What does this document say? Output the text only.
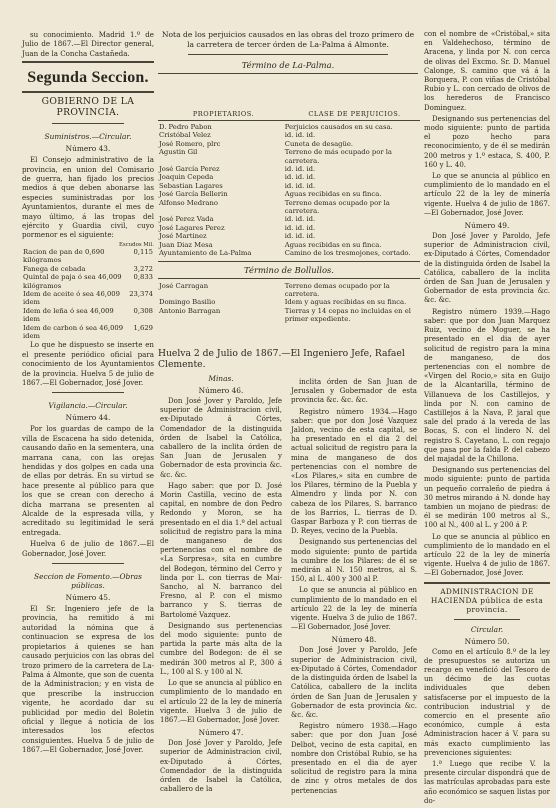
su conocimiento. Madrid 1.º de Julio de 1867.—El Director general, Juan de la Concha Castañeda.

Segunda Seccion.
GOBIERNO DE LA PROVINCIA.
Suministros.—Circular.
Número 43.

El Consejo administrativo de la provincia, en union del Comisario de guerra, han fijado los precios medios á que deben abonarse las especies suministradas por los Ayuntamientos, durante el mes de mayo último, á las tropas del ejército y Guardia civil, cuyo pormenor es el siguiente:

Escudos Mil.
Racion de pan de 0,690 kilógramos	0,115
Fanega de cebada	3,272
Quintal de paja ó sea 46,009 kilógramos	0,833
Idem de aceite ó sea 46,009 idem	23,374
Idem de leña ó sea 46,009 idem	0,308
Idem de carbon ó sea 46,009 idem	1,629

Lo que he dispuesto se inserte en el presente periódico oficial para conocimiento de los Ayuntamientos de la provincia. Huelva 5 de julio de 1867.—El Gobernador, José Jover.

Vigilancia.—Circular.
Número 44.

Por los guardas de campo de la villa de Escacena ha sido detenida, causando daño en la sementera, una marrana cana, con las orejas hendidas y dos golpes en cada una de ellas por detrás. En su virtud se hace presente al público para que los que se crean con derecho á dicha marrana se presenten al Alcalde de la espresada villa, y acreditado su legitimidad le será entregada.

Huelva 6 de julio de 1867.—El Gobernador, José Jover.

Seccion de Fomento.—Obras públicas.
Número 45.

El Sr. Ingeniero jefe de la provincia, ha remitido á mi autoridad la nómina que á continuacion se expresa de los propietarios á quienes se han causado perjuicios con las obras del trozo primero de la carretera de La-Palma á Almonte, que son de cuenta de la Administracion; y en vista de que prescribe la instruccion vigente, he acordado dar su publicidad por medio del Boletin oficial y llegue á noticia de los interesados los efectos consiguientes. Huelva 5 de julio de 1867.—El Gobernador, José Jover.

Nota de los perjuicios causados en las obras del trozo primero de la carretera de tercer órden de La-Palma á Almonte.

Término de La-Palma.
PROPIETARIOS.	CLASE DE PERJUICIOS.
D. Pedro Pabon	Perjuicios causados en su casa.
Cristóbal Velez	id. id. id.
José Romero, plrc	Cuneta de desagüe.
Agustin Gil	Terreno de más ocupado por la carretera.
José García Perez	id. id. id.
Joaquin Cepeda	id. id. id.
Sebastian Lagares	id. id. id.
José García Bellerin	Aguas recibidas en su finca.
Alfonso Medrano	Terreno demas ocupado por la carretera.
José Perez Vada	id. id. id.
José Lagares Perez	id. id. id.
José Martinez	id. id. id.
Juan Diaz Mesa	Aguas recibidas en su finca.
Ayuntamiento de La-Palma	Camino de los tresmojones, cortado.
Término de Bollullos.
José Carragan	Terreno demas ocupado por la carretera.
Domingo Basilio	Idem y aguas recibidas en su finca.
Antonio Barragan	Tierras y 14 cepas no incluidas en el primer expediente.
Huelva 2 de Julio de 1867.—El Ingeniero Jefe, Rafael Clemente.
Minas.
Número 46.

Don José Jover y Paroldo, Jefe superior de Administracion civil, ex-Diputado á Córtes, Comendador de la distinguida órden de Isabel la Católica, caballero de la inclita órden de San Juan de Jerusalen y Gobernador de esta provincia &c. &c. &c.

Hago saber: que por D. José Morin Castilla, vecino de esta capital, en nombre de don Pedro Redondo y Moron, se ha presentado en el dia 1.º del actual solicitud de registro para la mina de manganeso de dos pertenencias con el nombre de «La Sorpresa», sita en cumbre del Bodegon, término del Cerro y linda por L. con tierras de Mai-Sancho, al N. barranco del Fresno, al P. con el mismo barranco y S. tierras de Bartolomé Vazquez.

Designando sus pertenencias del modo siguiente: punto de partida la parte más alta de la cumbre del Bodegon: de él se medirán 300 metros al P., 300 á L., 100 al S. y 100 al N.

Lo que se anuncia al público en cumplimiento de lo mandado en el artículo 22 de la ley de minería vigente. Huelva 3 de julio de 1867.—El Gobernador, José Jover.

Número 47.

Don José Jover y Paroldo, Jefe superior de Administracion civil, ex-Diputado á Córtes, Comendador de la distinguida órden de Isabel la Católica, caballero de la

inclita órden de San Juan de Jerusalen y Gobernador de esta provincia &c. &c. &c.

Registro número 1934.—Hago saber: que por don José Vazquez Jaldon, vecino de esta capital, se ha presentado en el dia 2 del actual solicitud de registro para la mina de manganeso de dos pertenencias con el nombre de «Los Pilares,» sita en cumbre de los Pilares, término de la Puebla y Almendro y linda por N. con cabeza de los Pilares, S. barranco de los Barrios, L. tierras de D. Gaspar Barboza y P. con tierras de D. Reyes, vecino de la Puebla.

Designando sus pertenencias del modo siguiente: punto de partida la cumbre de los Pilares: de él se medirán al N. 150 metros, al S. 150, al L. 400 y 300 al P.

Lo que se anuncia al público en cumplimiento de lo mandado en el artículo 22 de la ley de minería vigente. Huelva 3 de julio de 1867.—El Gobernador, José Jover.

Número 48.

Don José Jover y Paroldo, Jefe superior de Administracion civil, ex-Diputado á Córtes, Comendador de la distinguida órden de Isabel la Católica, caballero de la inclita órden de San Juan de Jerusalen y Gobernador de esta provincia &c. &c. &c.

Registro número 1938.—Hago saber: que por don Juan José Delbot, vecino de esta capital, en nombre don Cristóbal Rubio, se ha presentado en el dia de ayer solicitud de registro para la mina de zinc y otros metales de dos pertenencias

con el nombre de «Cristóbal,» sita en Valdehechoso, término de Aracena, y linda por N. con cerca de olivas del Excmo. Sr. D. Manuel Calonge, S. camino que vá á la Borquera, P. con viñas de Cristóbal Rubio y L. con cercado de olivos de los herederos de Francisco Dominguez.

Designando sus pertenencias del modo siguiente: punto de partida el pozo hecho para reconocimiento, y de él se medirán 200 metros y 1.º estaca, S. 400, P. 160 y L. 40.

Lo que se anuncia al público en cumplimiento de lo mandado en el artículo 22 de la ley de minería vigente. Huelva 4 de julio de 1867.—El Gobernador, José Jover.

Número 49.

Don José Jover y Paroldo, Jefe superior de Administracion civil, ex-Diputado á Córtes, Comendador de la distinguida órden de Isabel la Católica, caballero de la inclita órden de San Juan de Jerusalen y Gobernador de esta provincia &c. &c. &c.

Registro número 1939.—Hago saber: que por don Juan Marquez Ruiz, vecino de Moguer, se ha presentado en el dia de ayer solicitud de registro para la mina de manganeso, de dos pertenencias con el nombre de «Virgen del Rocio,» sita en Guijo de la Alcantarilla, término de Villanueva de los Castillejos, y linda por N. con camino de Castillejos á la Nava, P. jaral que sale del prado á la vereda de las Bocas, S. con el lindero N. del registro S. Cayetano, L. con regajo que pasa por la falda P. del cabezo del majadal de la Chillona.

Designando sus pertenencias del modo siguiente: punto de partida un pequeño corraleño de piedra á 30 metros mirando á N. donde hay tambien un mojano de piedras: de él se medirán 100 metros al S., 100 al N., 400 al L. y 200 á P.

Lo que se anuncia al público en cumplimiento de lo mandado en el artículo 22 de la ley de minería vigente. Huelva 4 de julio de 1867.—El Gobernador, José Jover.

ADMINISTRACION DE HACIENDA pública de esta provincia.
Circular.
Número 50.

Como en el artículo 8.º de la ley de presupuestos se autoriza un recargo en venefició del Tesoro de un décimo de las cuotas individuales que deben satisfacerse por el impuesto de la contribucion industrial y de comercio en el presente año económico, cumple á esta Administracion hacer á V. para su más exacto cumplimiento las prevenciones siguientes:

1.ª Luego que recibe V. la presente circular dispondrá que de las matrículas aprobadas para este año económico se saquen listas por do-
